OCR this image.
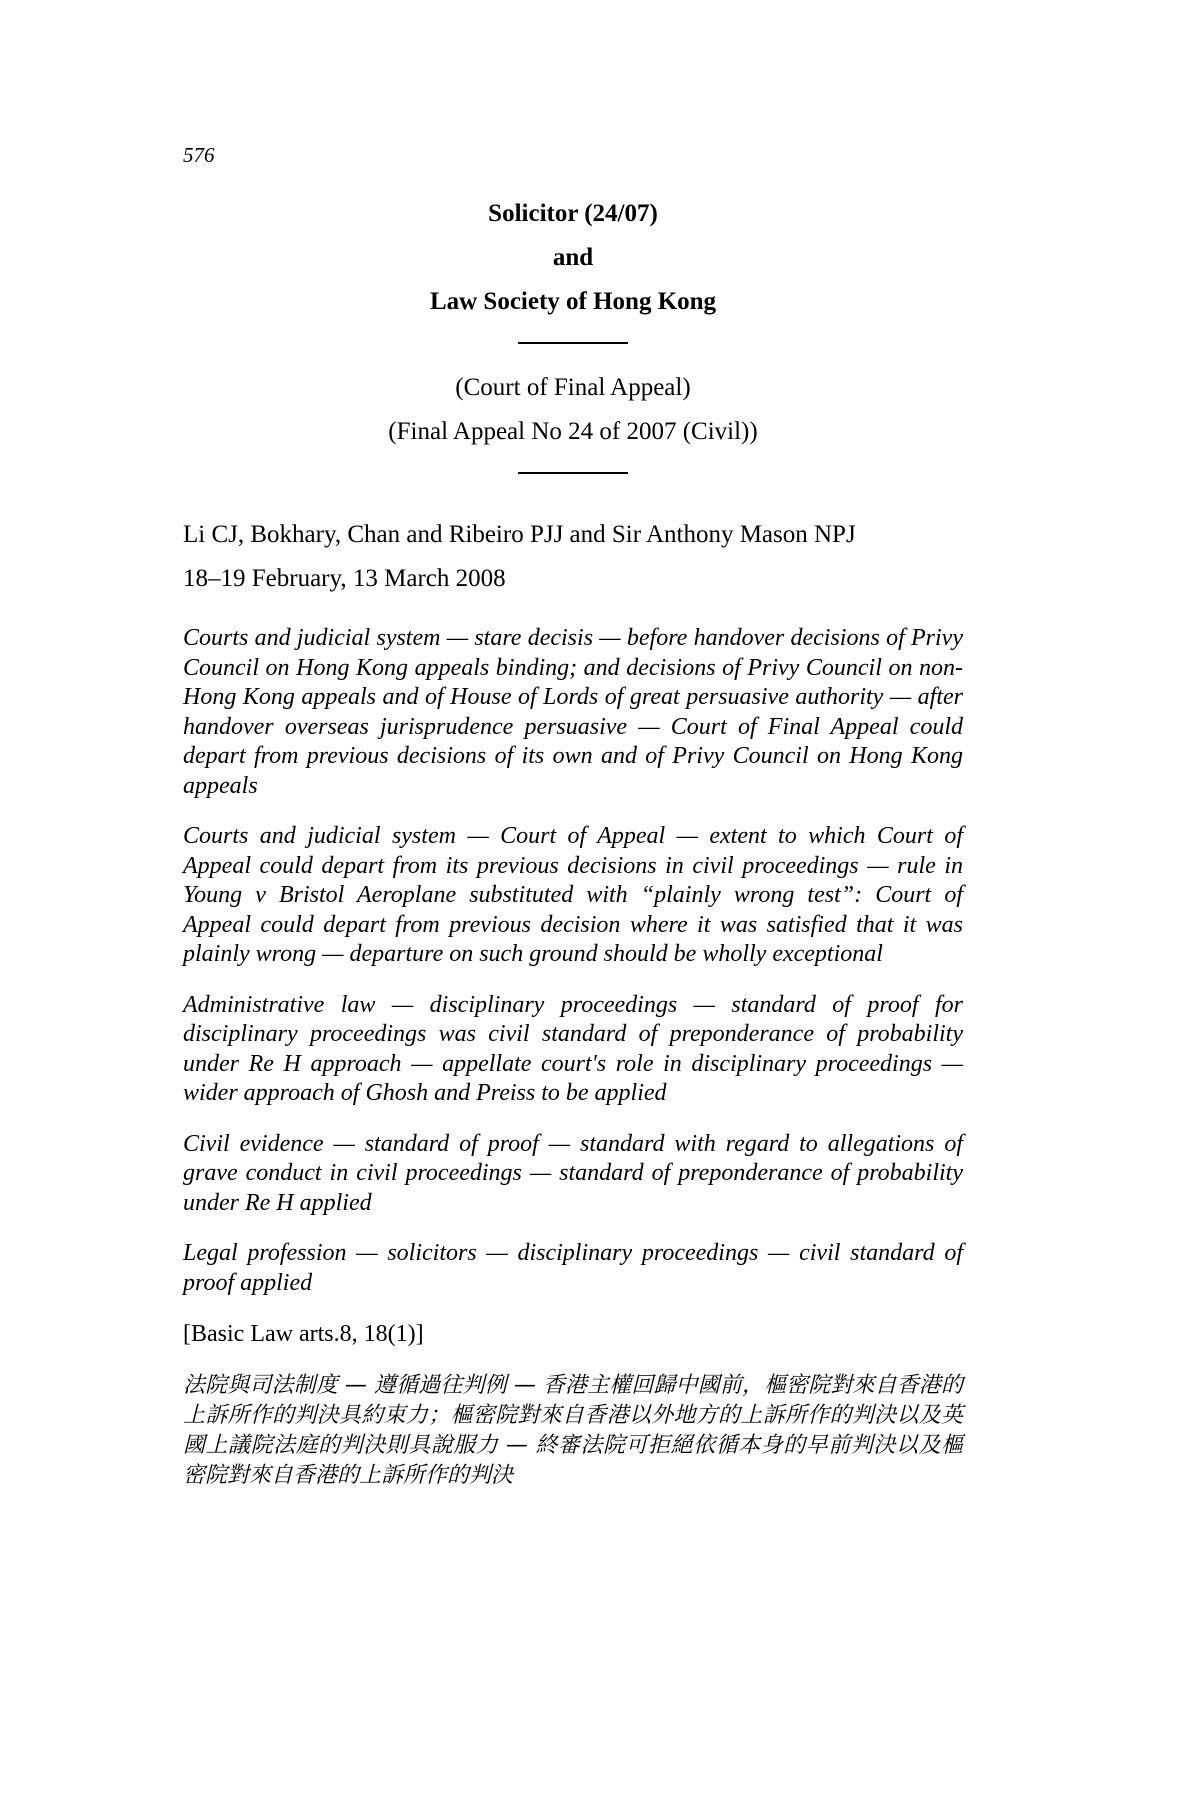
576

Solicitor (24/07)

and

Law Society of Hong Kong

(Court of Final Appeal)

(Final Appeal No 24 of 2007 (Civil))

Li CJ, Bokhary, Chan and Ribeiro PJJ and Sir Anthony Mason NPJ

18–19 February, 13 March 2008

Courts and judicial system — stare decisis — before handover decisions of Privy Council on Hong Kong appeals binding; and decisions of Privy Council on non-Hong Kong appeals and of House of Lords of great persuasive authority — after handover overseas jurisprudence persuasive — Court of Final Appeal could depart from previous decisions of its own and of Privy Council on Hong Kong appeals

Courts and judicial system — Court of Appeal — extent to which Court of Appeal could depart from its previous decisions in civil proceedings — rule in Young v Bristol Aeroplane substituted with “plainly wrong test”: Court of Appeal could depart from previous decision where it was satisfied that it was plainly wrong — departure on such ground should be wholly exceptional

Administrative law — disciplinary proceedings — standard of proof for disciplinary proceedings was civil standard of preponderance of probability under Re H approach — appellate court's role in disciplinary proceedings — wider approach of Ghosh and Preiss to be applied

Civil evidence — standard of proof — standard with regard to allegations of grave conduct in civil proceedings — standard of preponderance of probability under Re H applied

Legal profession — solicitors — disciplinary proceedings — civil standard of proof applied

[Basic Law arts.8, 18(1)]

法院與司法制度 — 遵循過往判例 — 香港主權回歸中國前，樞密院對來自香港的上訴所作的判決具約束力；樞密院對來自香港以外地方的上訴所作的判決以及英國上議院法庭的判決則具說服力 — 終審法院可拒絕依循本身的早前判決以及樞密院對來自香港的上訴所作的判決
